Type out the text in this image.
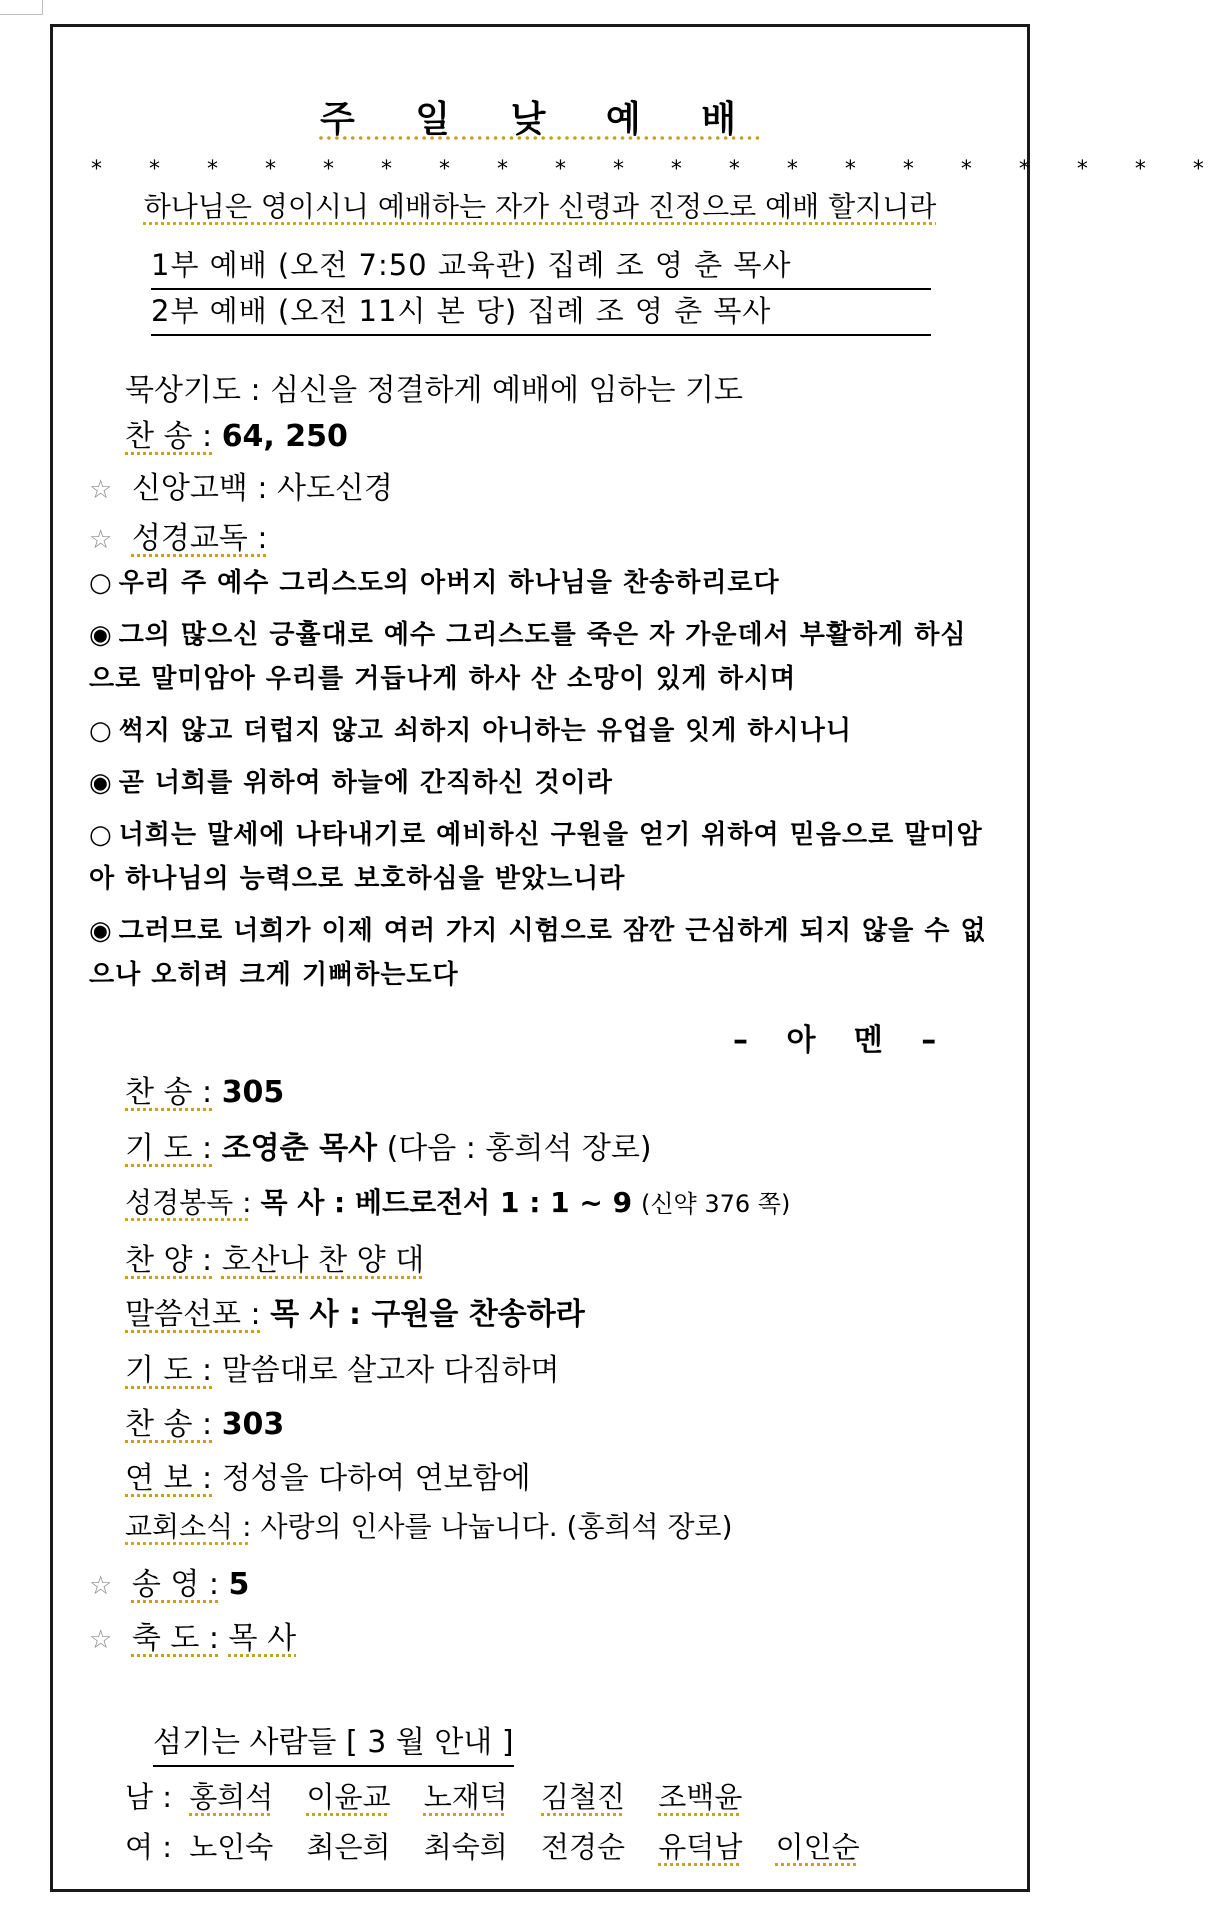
주 일 낮 예 배
* * * * * * * * * * * * * * * * * * * *
하나님은 영이시니 예배하는 자가 신령과 진정으로 예배 할지니라
1부 예배 (오전 7:50 교육관) 집례 조 영 춘 목사
2부 예배 (오전 11시 본 당) 집례 조 영 춘 목사
묵상기도 : 심신을 정결하게 예배에 임하는 기도
찬 송 : 64, 250
☆ 신앙고백 : 사도신경
☆ 성경교독 :
○ 우리 주 예수 그리스도의 아버지 하나님을 찬송하리로다
◉ 그의 많으신 긍휼대로 예수 그리스도를 죽은 자 가운데서 부활하게 하심으로 말미암아 우리를 거듭나게 하사 산 소망이 있게 하시며
○ 썩지 않고 더럽지 않고 쇠하지 아니하는 유업을 잇게 하시나니
◉ 곧 너희를 위하여 하늘에 간직하신 것이라
○ 너희는 말세에 나타내기로 예비하신 구원을 얻기 위하여 믿음으로 말미암아 하나님의 능력으로 보호하심을 받았느니라
◉ 그러므로 너희가 이제 여러 가지 시험으로 잠깐 근심하게 되지 않을 수 없으나 오히려 크게 기뻐하는도다
– 아 멘 –
찬 송 : 305
기 도 : 조영춘 목사 (다음 : 홍희석 장로)
성경봉독 : 목 사 : 베드로전서 1 : 1 ~ 9 (신약 376 쪽)
찬 양 : 호산나 찬 양 대
말씀선포 : 목 사 : 구원을 찬송하라
기 도 : 말씀대로 살고자 다짐하며
찬 송 : 303
연 보 : 정성을 다하여 연보함에
교회소식 : 사랑의 인사를 나눕니다. (홍희석 장로)
☆ 송 영 : 5
☆ 축 도 : 목 사
섬기는 사람들 [ 3 월 안내 ]
남 : 홍희석 이윤교 노재덕 김철진 조백윤
여 : 노인숙 최은희 최숙희 전경순 유덕남 이인순
